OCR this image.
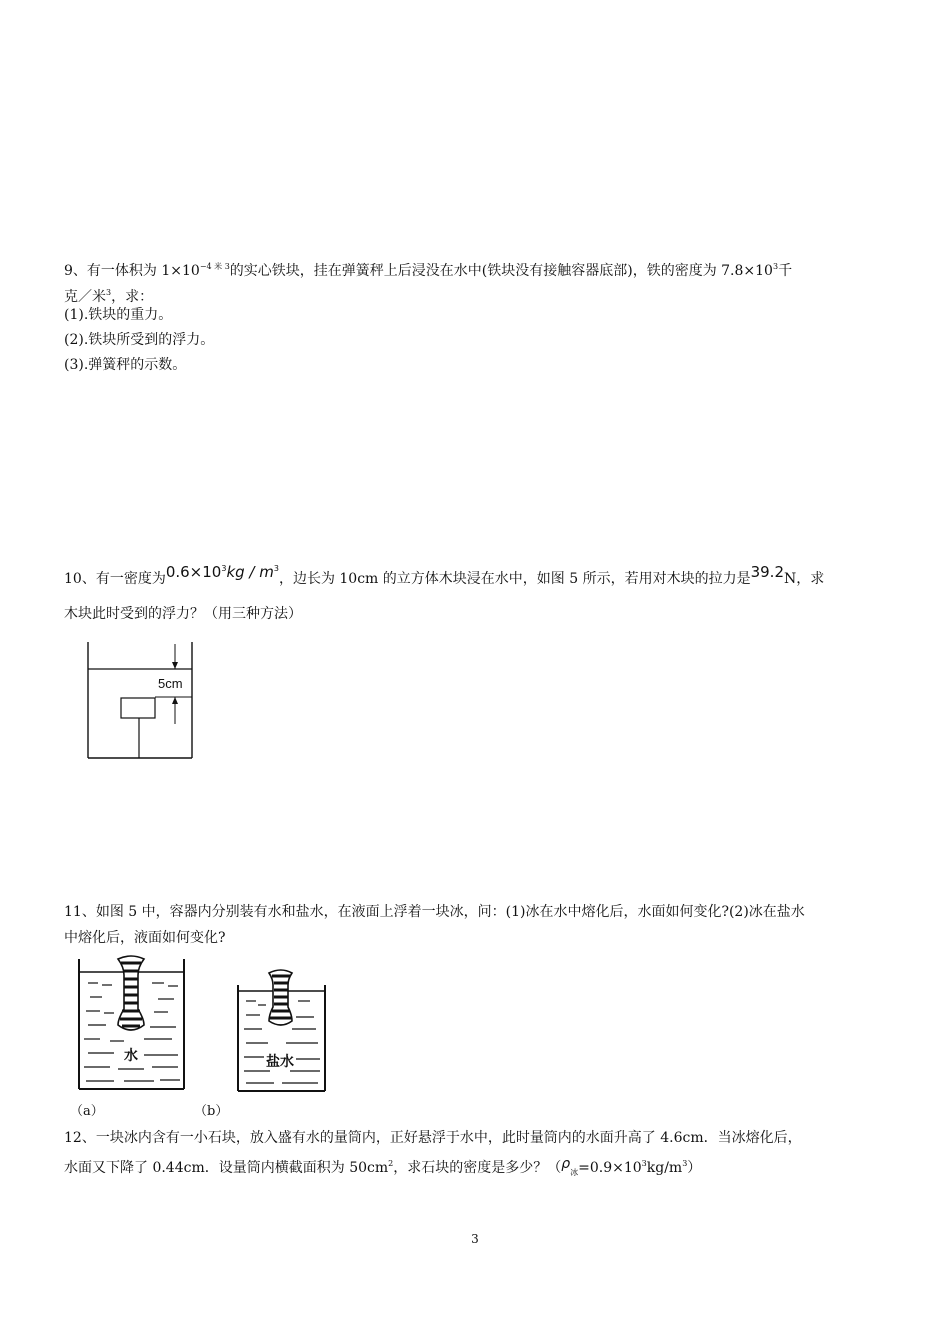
9、有一体积为 $1\times 10^{-4 米 3}$的实心铁块，挂在弹簧秤上后浸没在水中(铁块没有接触容器底部)，铁的密度为 $7.8\times 10^3$千
克／米$^3$，求：
(1).铁块的重力。
(2).铁块所受到的浮力。
(3).弹簧秤的示数。
10、有一密度为$0.6\times 10^3kg / m^3$，边长为 10cm 的立方体木块浸在水中，如图 5 所示，若用对木块的拉力是39.2N，求
木块此时受到的浮力？（用三种方法）
5cm
11、如图 5 中，容器内分别装有水和盐水，在液面上浮着一块冰，问：(1)冰在水中熔化后，水面如何变化?(2)冰在盐水
中熔化后，液面如何变化?
水	盐水
（a）	（b）
12、一块冰内含有一小石块，放入盛有水的量筒内，正好悬浮于水中，此时量筒内的水面升高了 4.6cm．当冰熔化后，
水面又下降了 0.44cm．设量筒内横截面积为 $50cm^2$，求石块的密度是多少？$(\rho_冰=0.9\times 10^3kg/m^3)$
3
